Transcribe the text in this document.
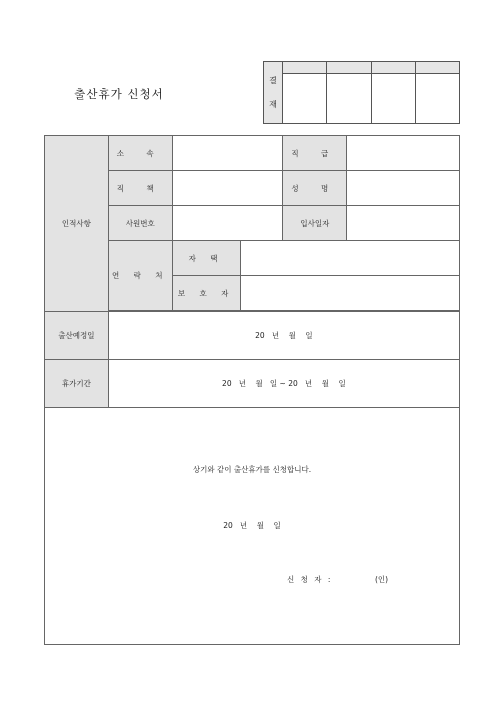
출산휴가 신청서
결
재				

인적사항	소 속			직 급	
	직 책			성 명	
	사원번호			입사일자	
	연 락 처	자 택			
		보 호 자			

출산예정일	20   년    월    일				
휴가기간	20   년    월   일 ~ 20   년    월    일				

상기와 같이 출산휴가를 신청합니다.
20   년    월    일
신 청 자 : (인)					
